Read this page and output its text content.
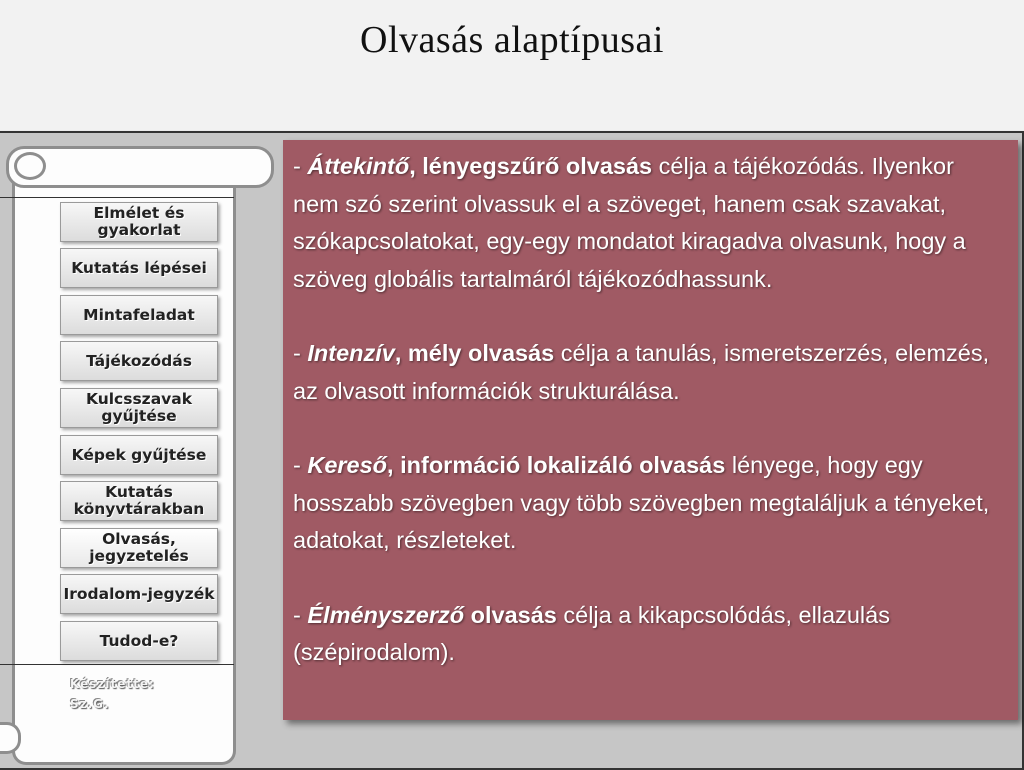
Olvasás alaptípusai
Elmélet és gyakorlat
Kutatás lépései
Mintafeladat
Tájékozódás
Kulcsszavak gyűjtése
Képek gyűjtése
Kutatás könyvtárakban
Olvasás, jegyzetelés
Irodalom-jegyzék
Tudod-e?
Készítette:
Sz.G.

- Áttekintő, lényegszűrő olvasás célja a tájékozódás. Ilyenkor nem szó szerint olvassuk el a szöveget, hanem csak szavakat, szókapcsolatokat, egy-egy mondatot kiragadva olvasunk, hogy a szöveg globális tartalmáról tájékozódhassunk.

- Intenzív, mély olvasás célja a tanulás, ismeretszerzés, elemzés, az olvasott információk strukturálása.

- Kereső, információ lokalizáló olvasás lényege, hogy egy hosszabb szövegben vagy több szövegben megtaláljuk a tényeket, adatokat, részleteket.

- Élményszerző olvasás célja a kikapcsolódás, ellazulás (szépirodalom).
